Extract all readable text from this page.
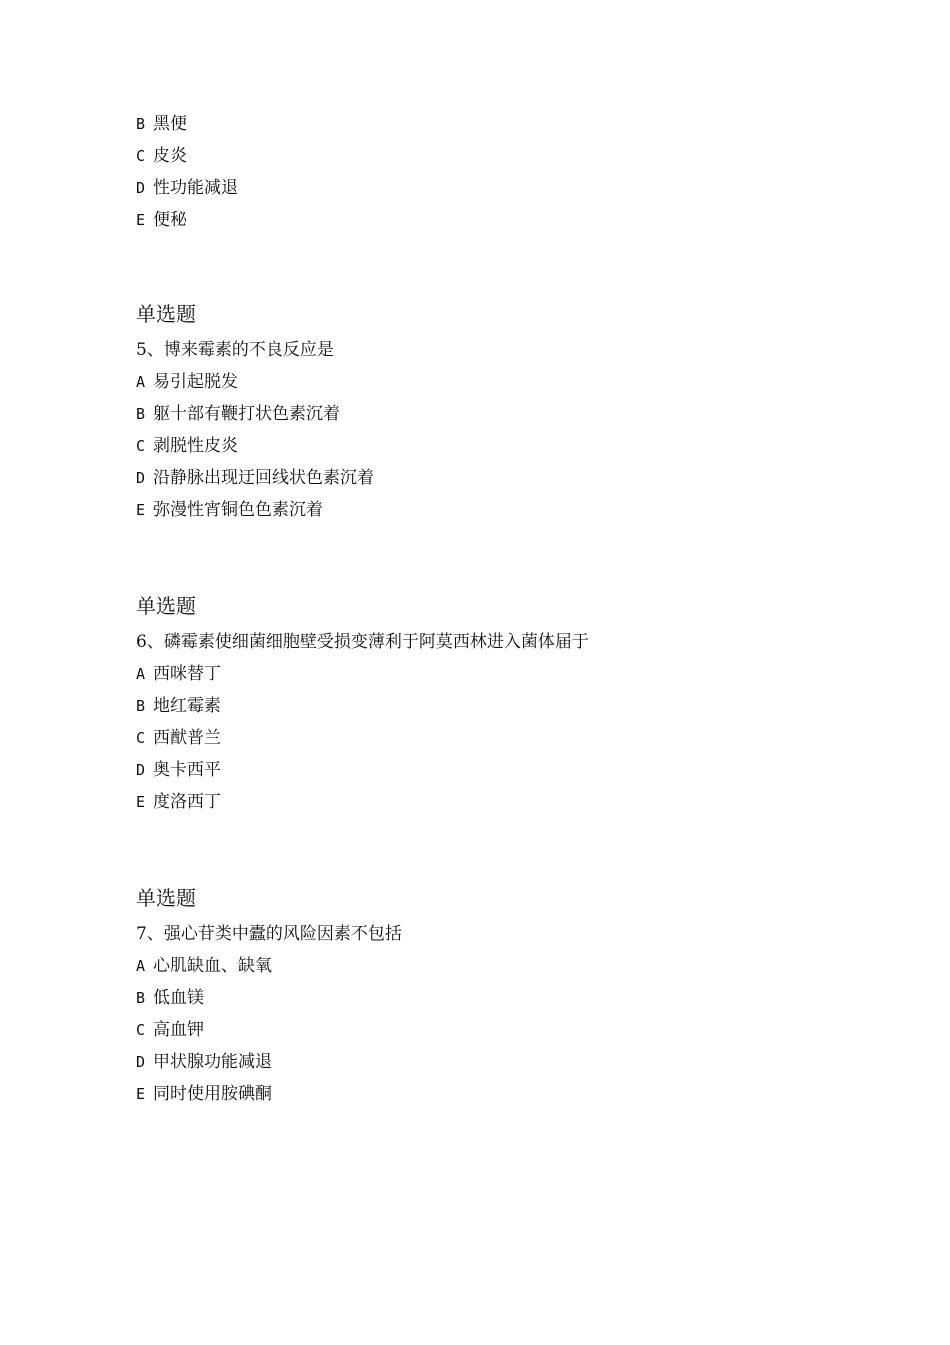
B 黑便
C 皮炎
D 性功能减退
E 便秘
单选题
5、博来霉素的不良反应是
A 易引起脱发
B 躯十部有鞭打状色素沉着
C 剥脱性皮炎
D 沿静脉出现迂回线状色素沉着
E 弥漫性宵铜色色素沉着
单选题
6、磷霉素使细菌细胞壁受损变薄利于阿莫西林进入菌体届于
A 西咪替丁
B 地红霉素
C 西猷普兰
D 奥卡西平
E 度洛西丁
单选题
7、强心苷类中蠹的风险因素不包括
A 心肌缺血、缺氧
B 低血镁
C 高血钾
D 甲状腺功能减退
E 同时使用胺碘酮
